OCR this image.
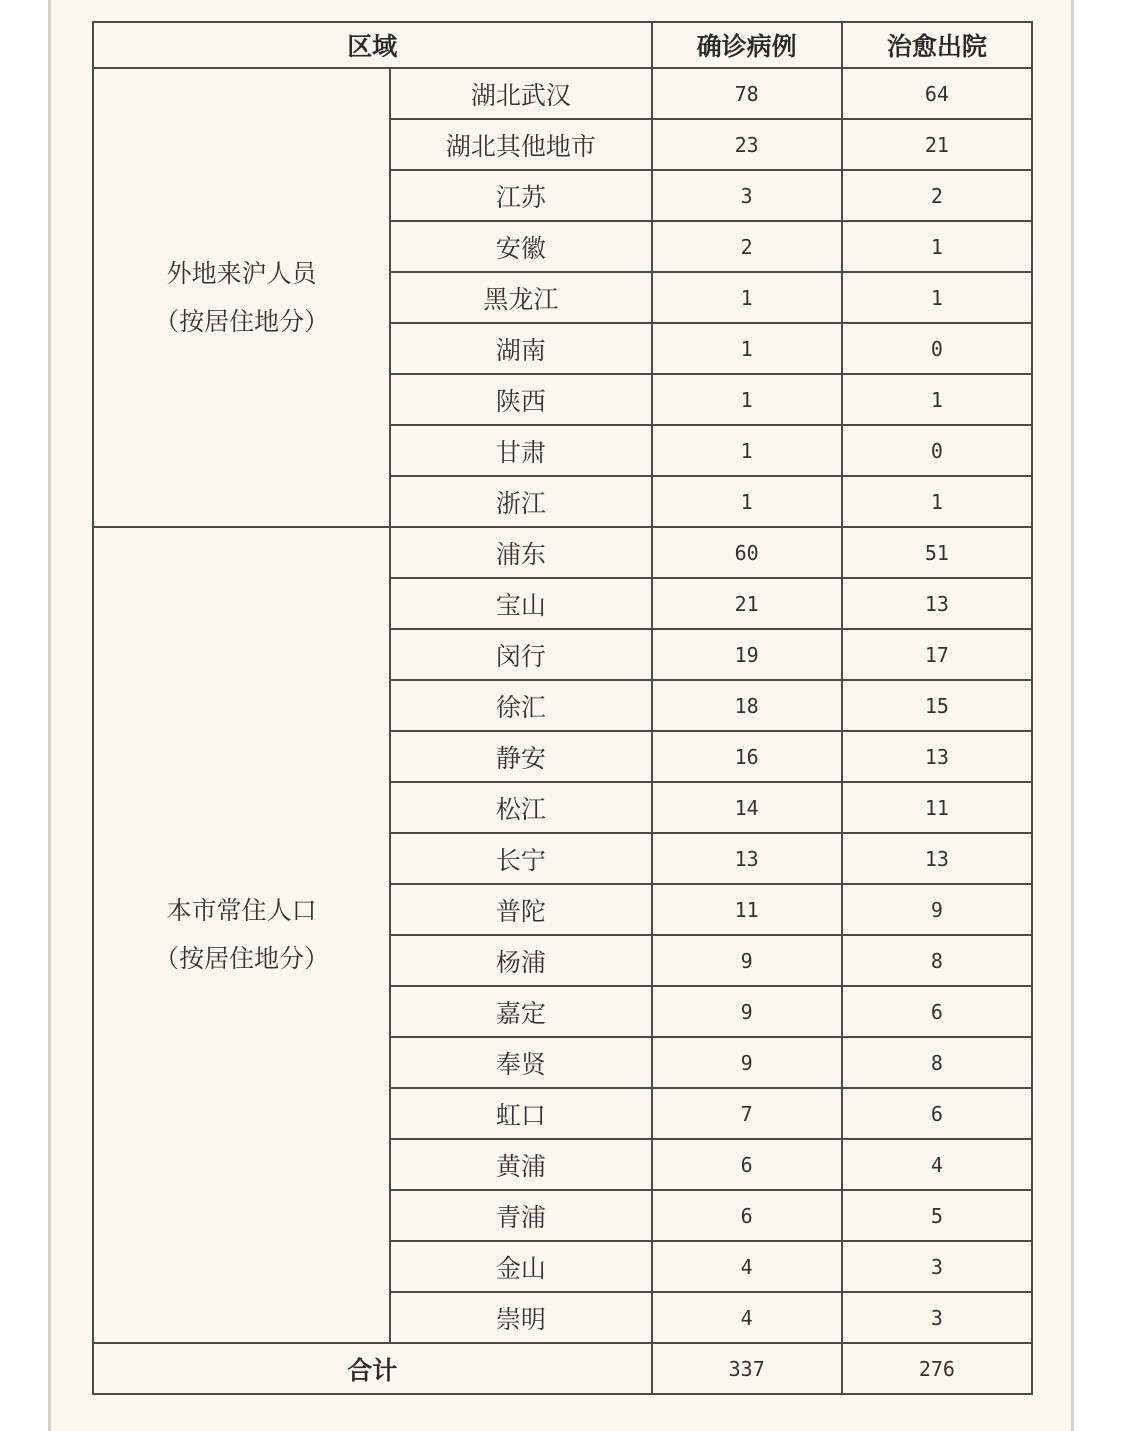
区域		确诊病例	治愈出院

外地来沪人员
（按居住地分）	湖北武汉	78	64
	湖北其他地市	23	21
	江苏	3	2
	安徽	2	1
	黑龙江	1	1
	湖南	1	0
	陕西	1	1
	甘肃	1	0
	浙江	1	1

本市常住人口
（按居住地分）	浦东	60	51
	宝山	21	13
	闵行	19	17
	徐汇	18	15
	静安	16	13
	松江	14	11
	长宁	13	13
	普陀	11	9
	杨浦	9	8
	嘉定	9	6
	奉贤	9	8
	虹口	7	6
	黄浦	6	4
	青浦	6	5
	金山	4	3
	崇明	4	3
合计		337	276
